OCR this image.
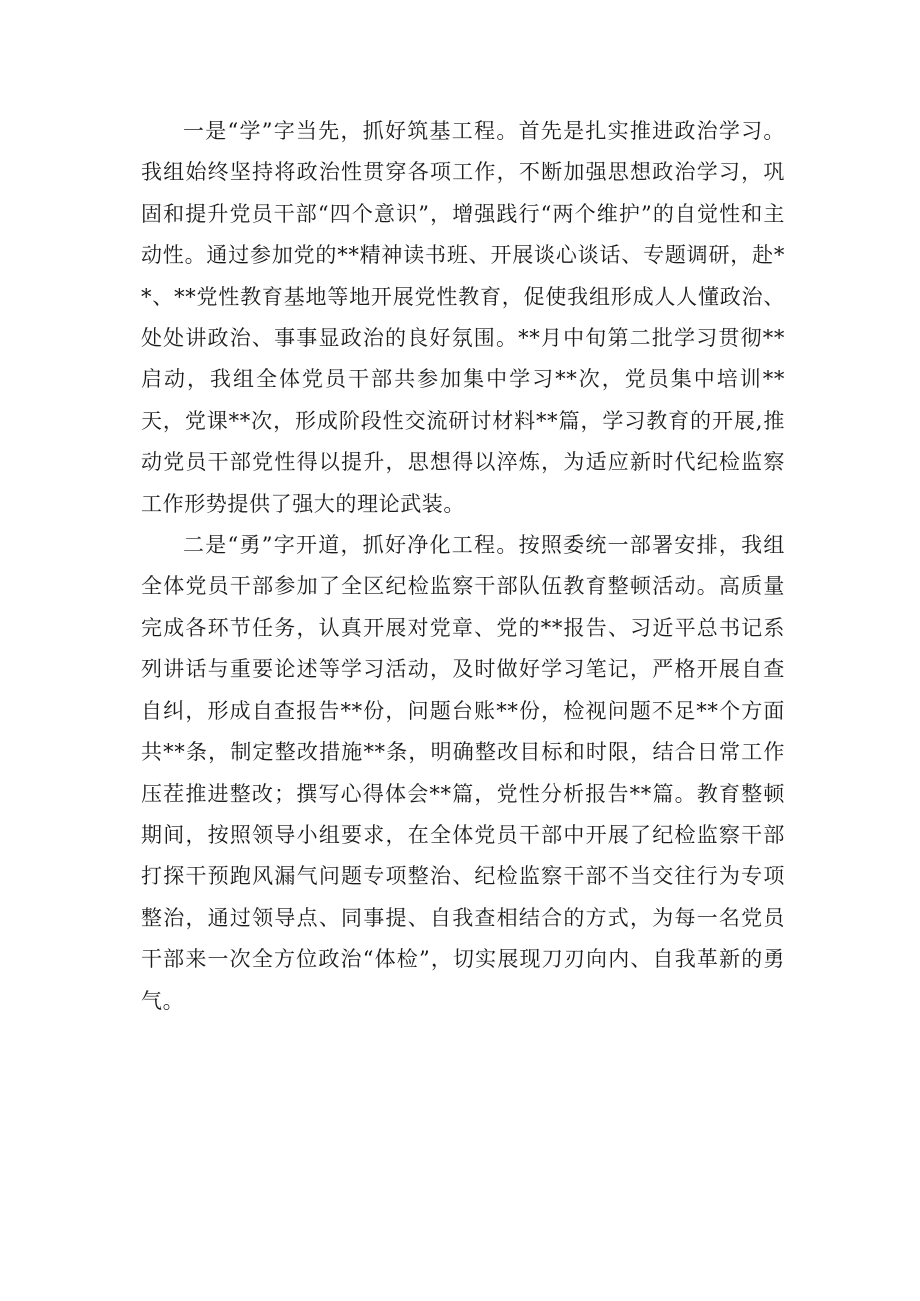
一是“学”字当先，抓好筑基工程。首先是扎实推进政治学习。我组始终坚持将政治性贯穿各项工作，不断加强思想政治学习，巩固和提升党员干部“四个意识”，增强践行“两个维护”的自觉性和主动性。通过参加党的**精神读书班、开展谈心谈话、专题调研，赴**、**党性教育基地等地开展党性教育，促使我组形成人人懂政治、处处讲政治、事事显政治的良好氛围。**月中旬第二批学习贯彻**启动，我组全体党员干部共参加集中学习**次，党员集中培训**天，党课**次，形成阶段性交流研讨材料**篇，学习教育的开展,推动党员干部党性得以提升，思想得以淬炼，为适应新时代纪检监察工作形势提供了强大的理论武装。

二是“勇”字开道，抓好净化工程。按照委统一部署安排，我组全体党员干部参加了全区纪检监察干部队伍教育整顿活动。高质量完成各环节任务，认真开展对党章、党的**报告、习近平总书记系列讲话与重要论述等学习活动，及时做好学习笔记，严格开展自查自纠，形成自查报告**份，问题台账**份，检视问题不足**个方面共**条，制定整改措施**条，明确整改目标和时限，结合日常工作压茬推进整改；撰写心得体会**篇，党性分析报告**篇。教育整顿期间，按照领导小组要求，在全体党员干部中开展了纪检监察干部打探干预跑风漏气问题专项整治、纪检监察干部不当交往行为专项整治，通过领导点、同事提、自我查相结合的方式，为每一名党员干部来一次全方位政治“体检”，切实展现刀刃向内、自我革新的勇气。
